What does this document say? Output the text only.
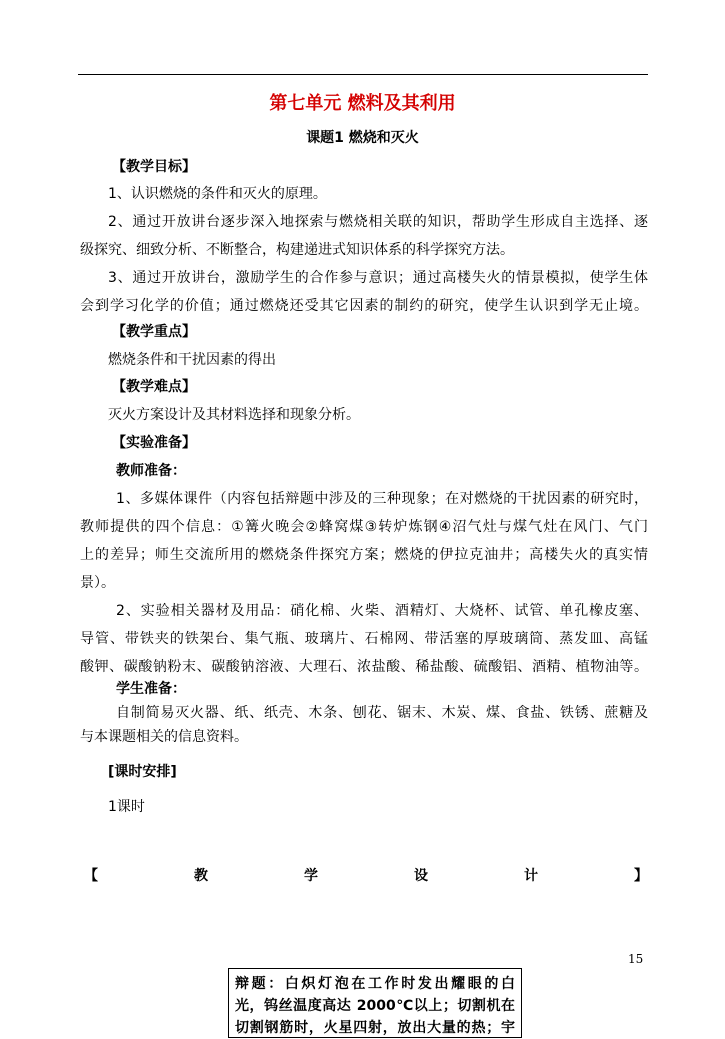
第七单元 燃料及其利用
课题1 燃烧和灭火
【教学目标】
1、认识燃烧的条件和灭火的原理。
2、通过开放讲台逐步深入地探索与燃烧相关联的知识，帮助学生形成自主选择、逐
级探究、细致分析、不断整合，构建递进式知识体系的科学探究方法。
3、通过开放讲台，激励学生的合作参与意识；通过高楼失火的情景模拟，使学生体
会到学习化学的价值；通过燃烧还受其它因素的制约的研究，使学生认识到学无止境。
【教学重点】
燃烧条件和干扰因素的得出
【教学难点】
灭火方案设计及其材料选择和现象分析。
【实验准备】
教师准备：
1、多媒体课件（内容包括辩题中涉及的三种现象；在对燃烧的干扰因素的研究时，
教师提供的四个信息：①篝火晚会②蜂窝煤③转炉炼钢④沼气灶与煤气灶在风门、气门
上的差异；师生交流所用的燃烧条件探究方案；燃烧的伊拉克油井；高楼失火的真实情
景）。
2、实验相关器材及用品：硝化棉、火柴、酒精灯、大烧杯、试管、单孔橡皮塞、
导管、带铁夹的铁架台、集气瓶、玻璃片、石棉网、带活塞的厚玻璃筒、蒸发皿、高锰
酸钾、碳酸钠粉末、碳酸钠溶液、大理石、浓盐酸、稀盐酸、硫酸铝、酒精、植物油等。
学生准备：
自制简易灭火器、纸、纸壳、木条、刨花、锯末、木炭、煤、食盐、铁锈、蔗糖及
与本课题相关的信息资料。
[课时安排]
1课时
【	教	学	设	计	】
15
辩题：白炽灯泡在工作时发出耀眼的白
光，钨丝温度高达 2000℃以上；切割机在
切割钢筋时，火星四射，放出大量的热；宇
